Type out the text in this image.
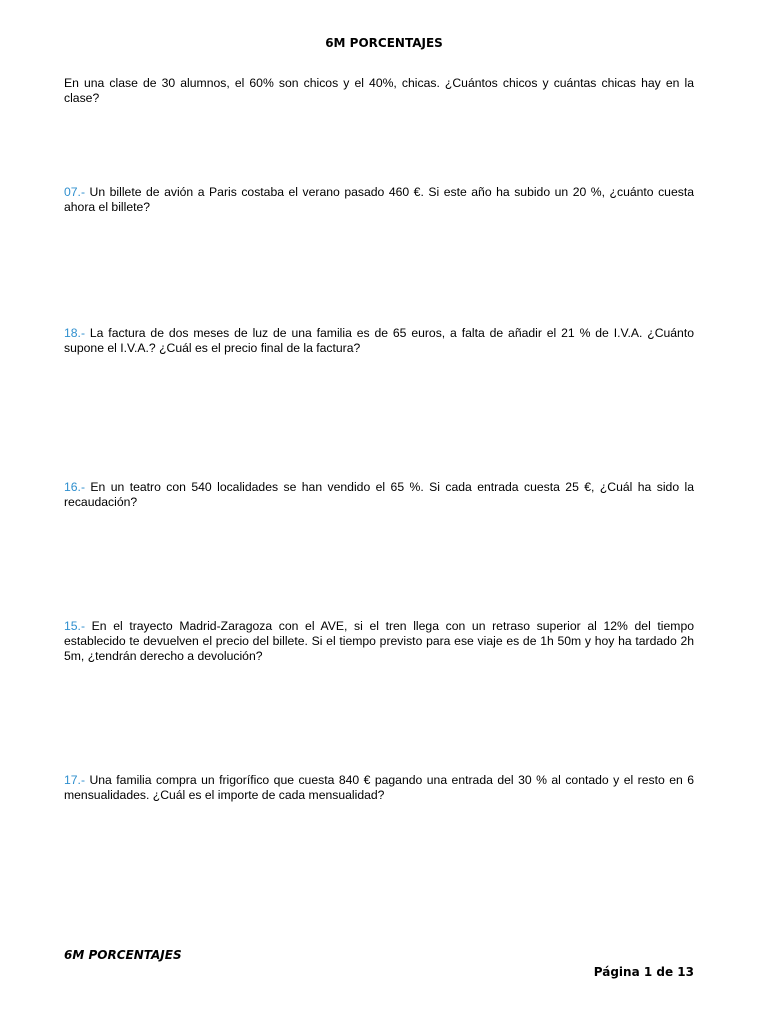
6M PORCENTAJES
En una clase de 30 alumnos, el 60% son chicos y el 40%, chicas. ¿Cuántos chicos y cuántas chicas hay en la clase?
07.- Un billete de avión a Paris costaba el verano pasado 460 €. Si este año ha subido un 20 %, ¿cuánto cuesta ahora el billete?
18.- La factura de dos meses de luz de una familia es de 65 euros, a falta de añadir el 21 % de I.V.A. ¿Cuánto supone el I.V.A.? ¿Cuál es el precio final de la factura?
16.- En un teatro con 540 localidades se han vendido el 65 %. Si cada entrada cuesta 25 €, ¿Cuál ha sido la recaudación?
15.- En el trayecto Madrid-Zaragoza con el AVE, si el tren llega con un retraso superior al 12% del tiempo establecido te devuelven el precio del billete. Si el tiempo previsto para ese viaje es de 1h 50m y hoy ha tardado 2h 5m, ¿tendrán derecho a devolución?
17.- Una familia compra un frigorífico que cuesta 840 € pagando una entrada del 30 % al contado y el resto en 6 mensualidades. ¿Cuál es el importe de cada mensualidad?
6M PORCENTAJES
Página 1 de 13
